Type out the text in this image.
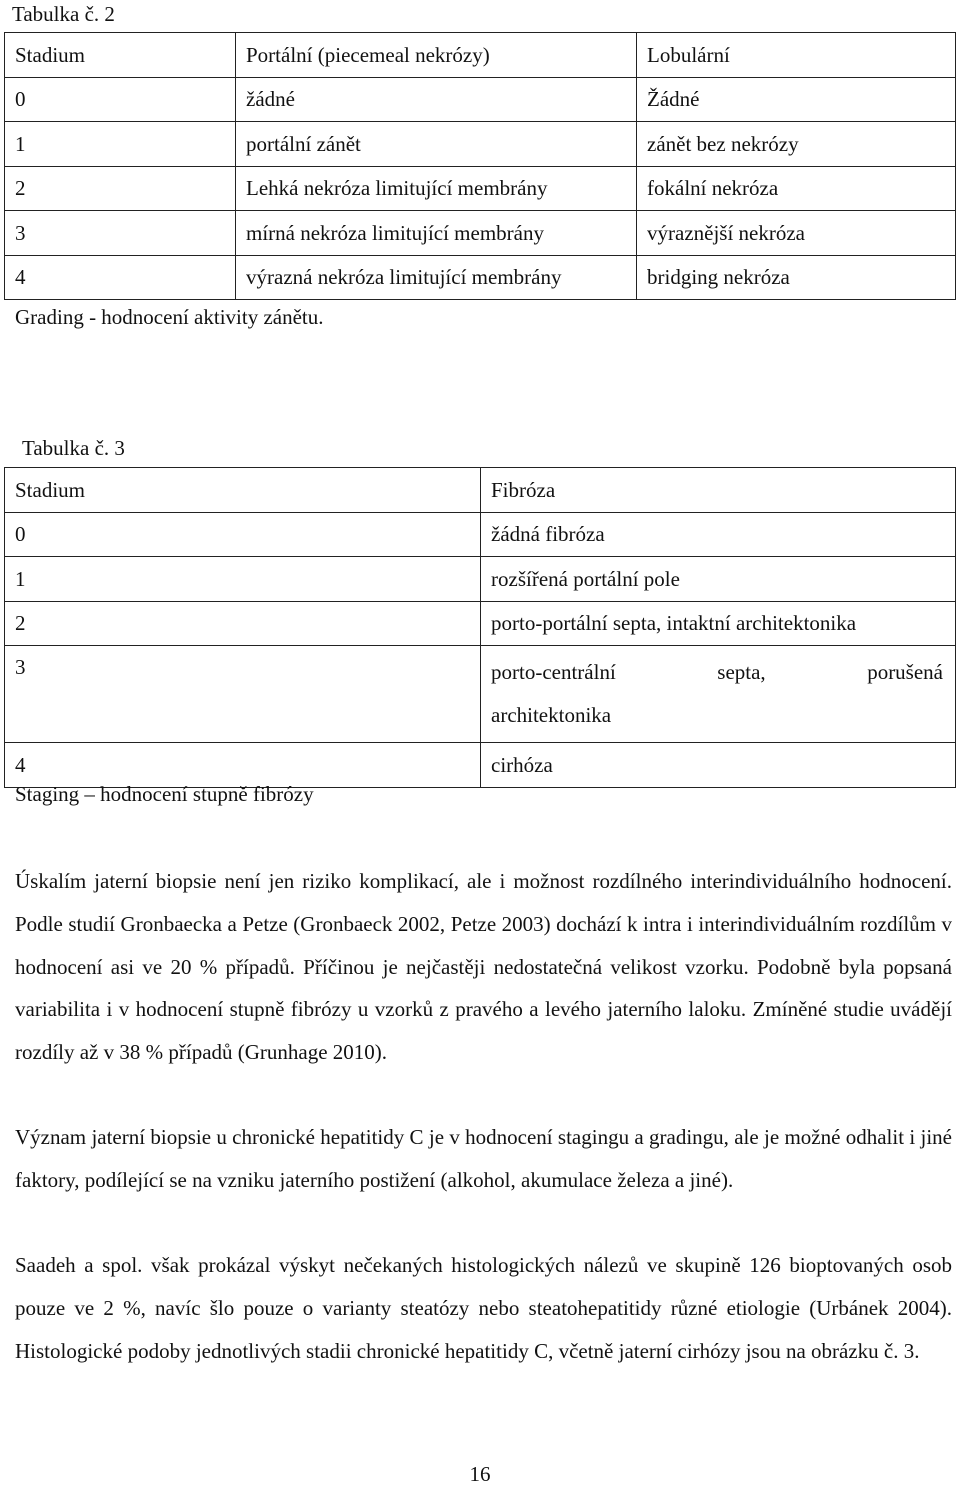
Tabulka č. 2
Stadium	Portální (piecemeal nekrózy)	Lobulární
0	žádné	Žádné
1	portální zánět	zánět bez nekrózy
2	Lehká nekróza limitující membrány	fokální nekróza
3	mírná nekróza limitující membrány	výraznější nekróza
4	výrazná nekróza limitující membrány	bridging nekróza
Grading - hodnocení aktivity zánětu.
Tabulka č. 3
Stadium	Fibróza
0	žádná fibróza
1	rozšířená portální pole
2	porto-portální septa, intaktní architektonika
3	porto-centrální septa, porušená
architektonika

4	cirhóza
Staging – hodnocení stupně fibrózy
Úskalím jaterní biopsie není jen riziko komplikací, ale i možnost rozdílného interindividuálního hodnocení. Podle studií Gronbaecka a Petze (Gronbaeck 2002, Petze 2003) dochází k intra i interindividuálním rozdílům v hodnocení asi ve 20 % případů. Příčinou je nejčastěji nedostatečná velikost vzorku. Podobně byla popsaná variabilita i v hodnocení stupně fibrózy u vzorků z pravého a levého jaterního laloku. Zmíněné studie uvádějí rozdíly až v 38 % případů (Grunhage 2010).
Význam jaterní biopsie u chronické hepatitidy C je v hodnocení stagingu a gradingu, ale je možné odhalit i jiné faktory, podílející se na vzniku jaterního postižení (alkohol, akumulace železa a jiné).
Saadeh a spol. však prokázal výskyt nečekaných histologických nálezů ve skupině 126 bioptovaných osob pouze ve 2 %, navíc šlo pouze o varianty steatózy nebo steatohepatitidy různé etiologie (Urbánek 2004). Histologické podoby jednotlivých stadii chronické hepatitidy C, včetně jaterní cirhózy jsou na obrázku č. 3.
16
